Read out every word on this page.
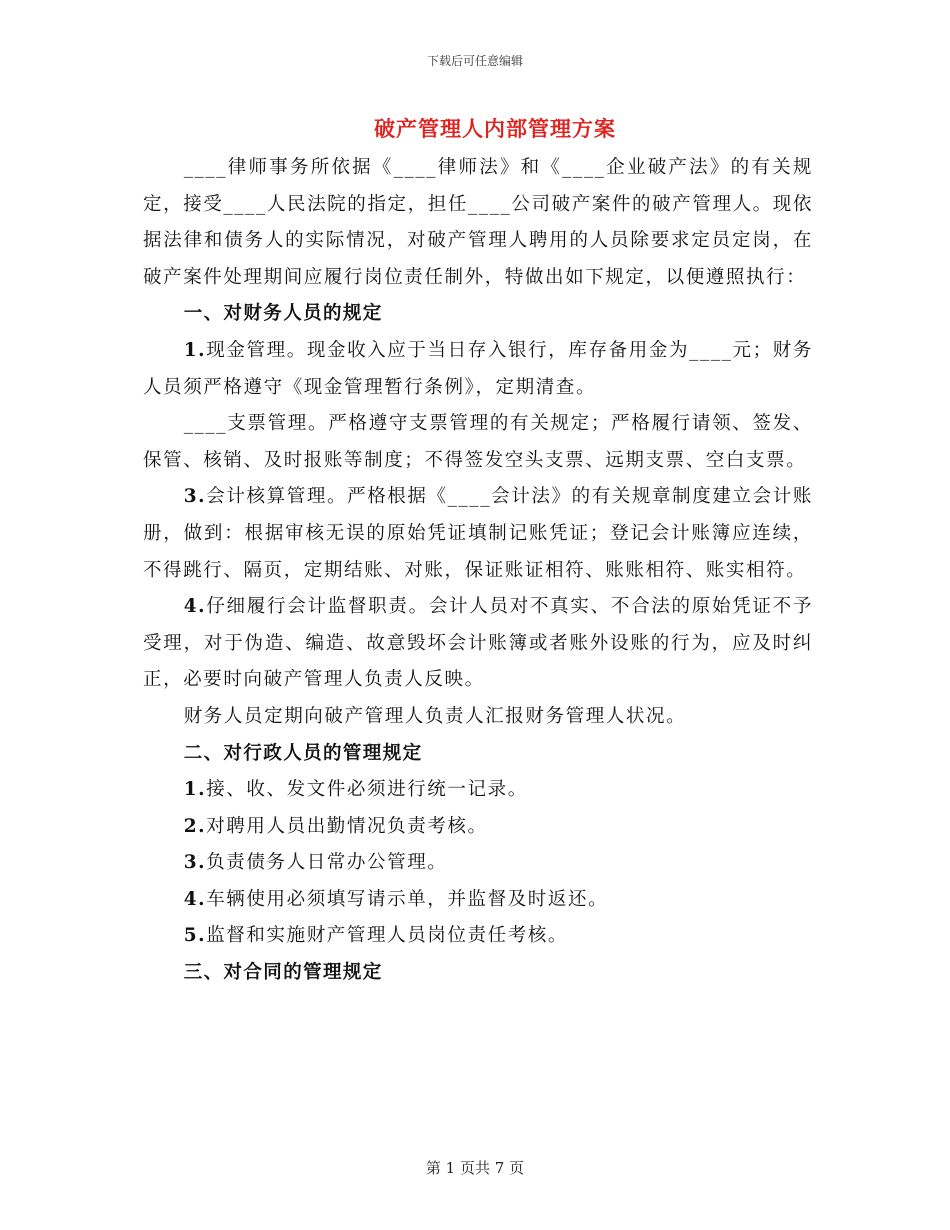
下载后可任意编辑
破产管理人内部管理方案

____律师事务所依据《____律师法》和《____企业破产法》的有关规定，接受____人民法院的指定，担任____公司破产案件的破产管理人。现依据法律和债务人的实际情况，对破产管理人聘用的人员除要求定员定岗，在破产案件处理期间应履行岗位责任制外，特做出如下规定，以便遵照执行：

一、对财务人员的规定

1.现金管理。现金收入应于当日存入银行，库存备用金为____元；财务人员须严格遵守《现金管理暂行条例》，定期清查。

____支票管理。严格遵守支票管理的有关规定；严格履行请领、签发、保管、核销、及时报账等制度；不得签发空头支票、远期支票、空白支票。

3.会计核算管理。严格根据《____会计法》的有关规章制度建立会计账册，做到：根据审核无误的原始凭证填制记账凭证；登记会计账簿应连续，不得跳行、隔页，定期结账、对账，保证账证相符、账账相符、账实相符。

4.仔细履行会计监督职责。会计人员对不真实、不合法的原始凭证不予受理，对于伪造、编造、故意毁坏会计账簿或者账外设账的行为，应及时纠正，必要时向破产管理人负责人反映。

财务人员定期向破产管理人负责人汇报财务管理人状况。

二、对行政人员的管理规定

1.接、收、发文件必须进行统一记录。

2.对聘用人员出勤情况负责考核。

3.负责债务人日常办公管理。

4.车辆使用必须填写请示单，并监督及时返还。

5.监督和实施财产管理人员岗位责任考核。

三、对合同的管理规定

第 1 页共 7 页
